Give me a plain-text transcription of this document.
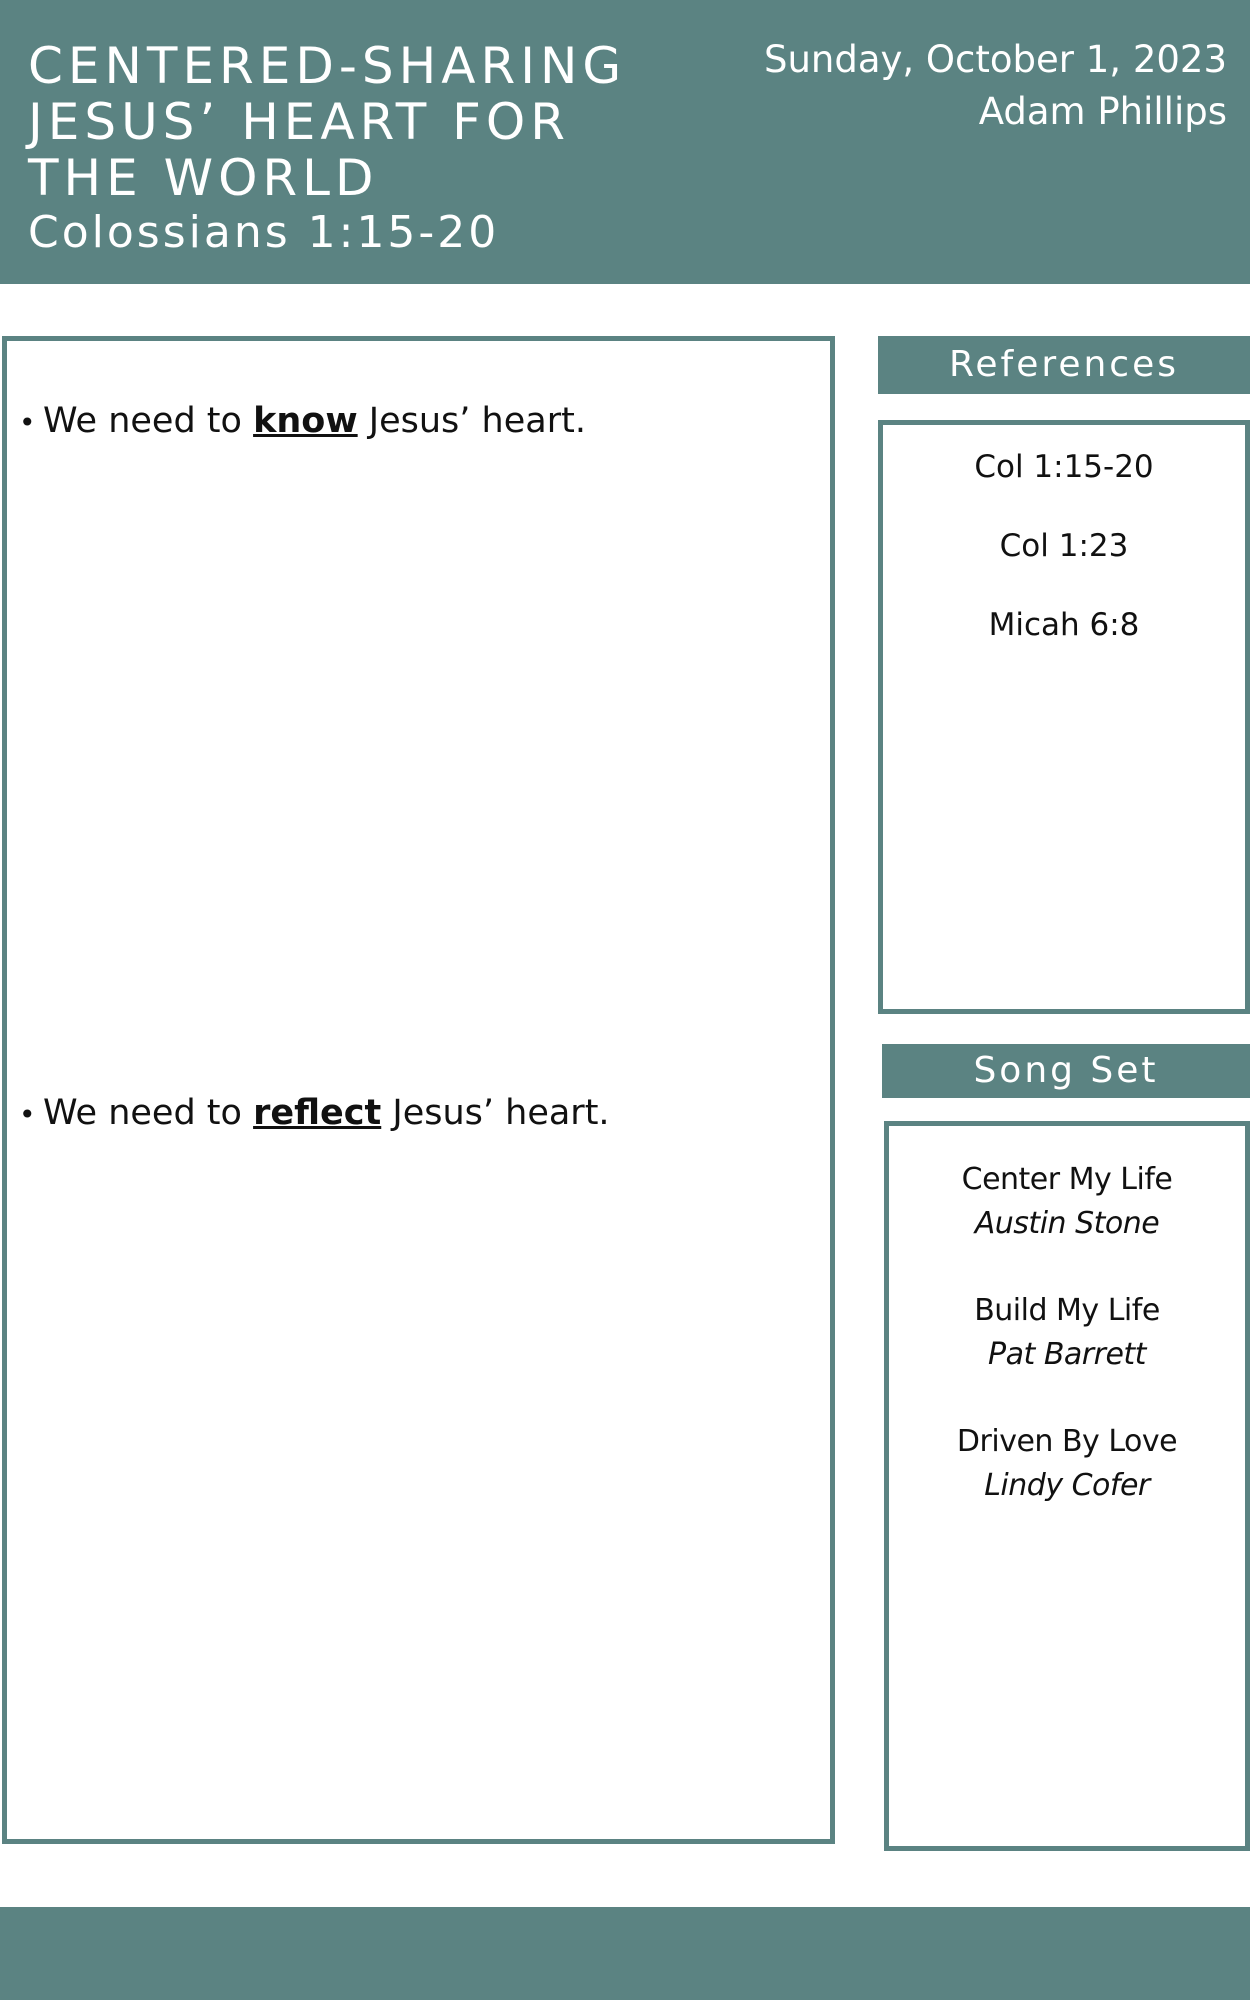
CENTERED-SHARING JESUS’ HEART FOR THE WORLD

Colossians 1:15-20

Sunday, October 1, 2023
Adam Phillips
• We need to know Jesus’ heart.
• We need to reflect Jesus’ heart.
References
Col 1:15-20
Col 1:23
Micah 6:8
Song Set
Center My Life
Austin Stone
Build My Life
Pat Barrett
Driven By Love
Lindy Cofer
